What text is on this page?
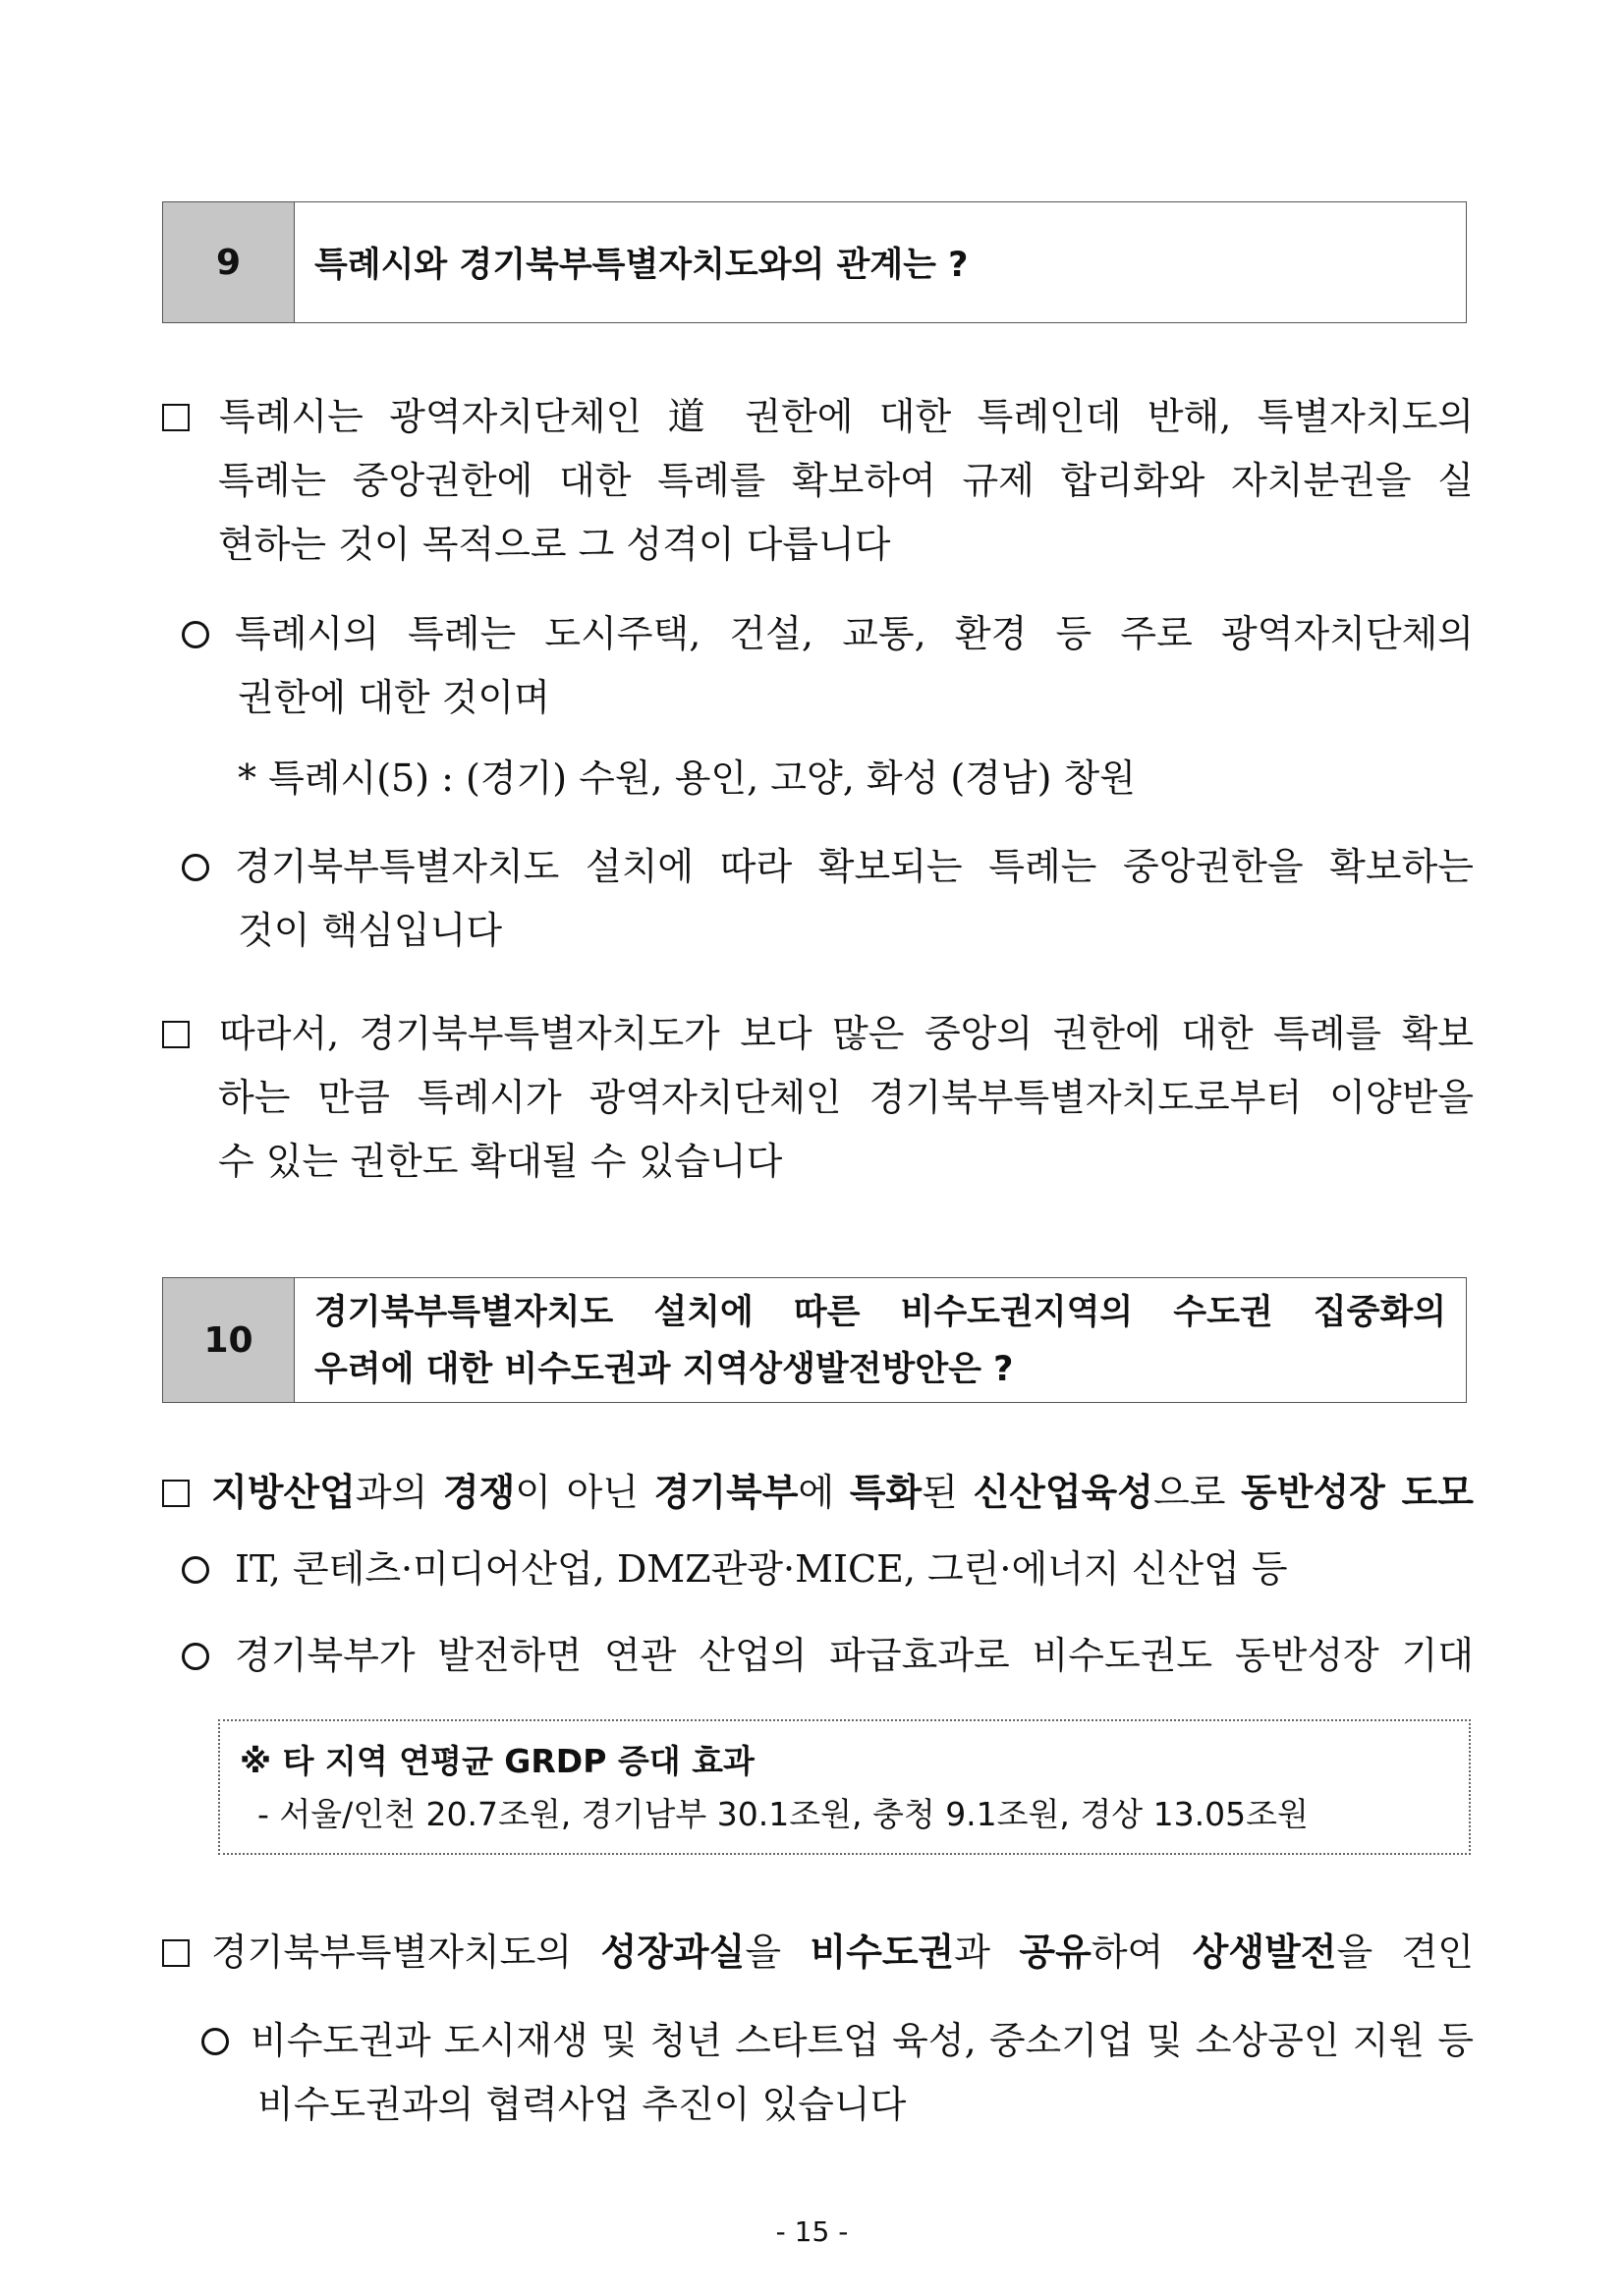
9	특례시와 경기북부특별자치도와의 관계는 ?
특례시는 광역자치단체인 道 권한에 대한 특례인데 반해, 특별자치도의
특례는 중앙권한에 대한 특례를 확보하여 규제 합리화와 자치분권을 실
현하는 것이 목적으로 그 성격이 다릅니다
특례시의 특례는 도시주택, 건설, 교통, 환경 등 주로 광역자치단체의
권한에 대한 것이며
* 특례시(5) : (경기) 수원, 용인, 고양, 화성 (경남) 창원
경기북부특별자치도 설치에 따라 확보되는 특례는 중앙권한을 확보하는
것이 핵심입니다
따라서, 경기북부특별자치도가 보다 많은 중앙의 권한에 대한 특례를 확보
하는 만큼 특례시가 광역자치단체인 경기북부특별자치도로부터 이양받을
수 있는 권한도 확대될 수 있습니다
10
경기북부특별자치도 설치에 따른 비수도권지역의 수도권 집중화의
우려에 대한 비수도권과 지역상생발전방안은 ?
지방산업과의 경쟁이 아닌 경기북부에 특화된 신산업육성으로 동반성장 도모
IT, 콘테츠·미디어산업, DMZ관광·MICE, 그린·에너지 신산업 등
경기북부가 발전하면 연관 산업의 파급효과로 비수도권도 동반성장 기대
※ 타 지역 연평균 GRDP 증대 효과
- 서울/인천 20.7조원, 경기남부 30.1조원, 충청 9.1조원, 경상 13.05조원
경기북부특별자치도의 성장과실을 비수도권과 공유하여 상생발전을 견인
비수도권과 도시재생 및 청년 스타트업 육성, 중소기업 및 소상공인 지원 등
비수도권과의 협력사업 추진이 있습니다
- 15 -
